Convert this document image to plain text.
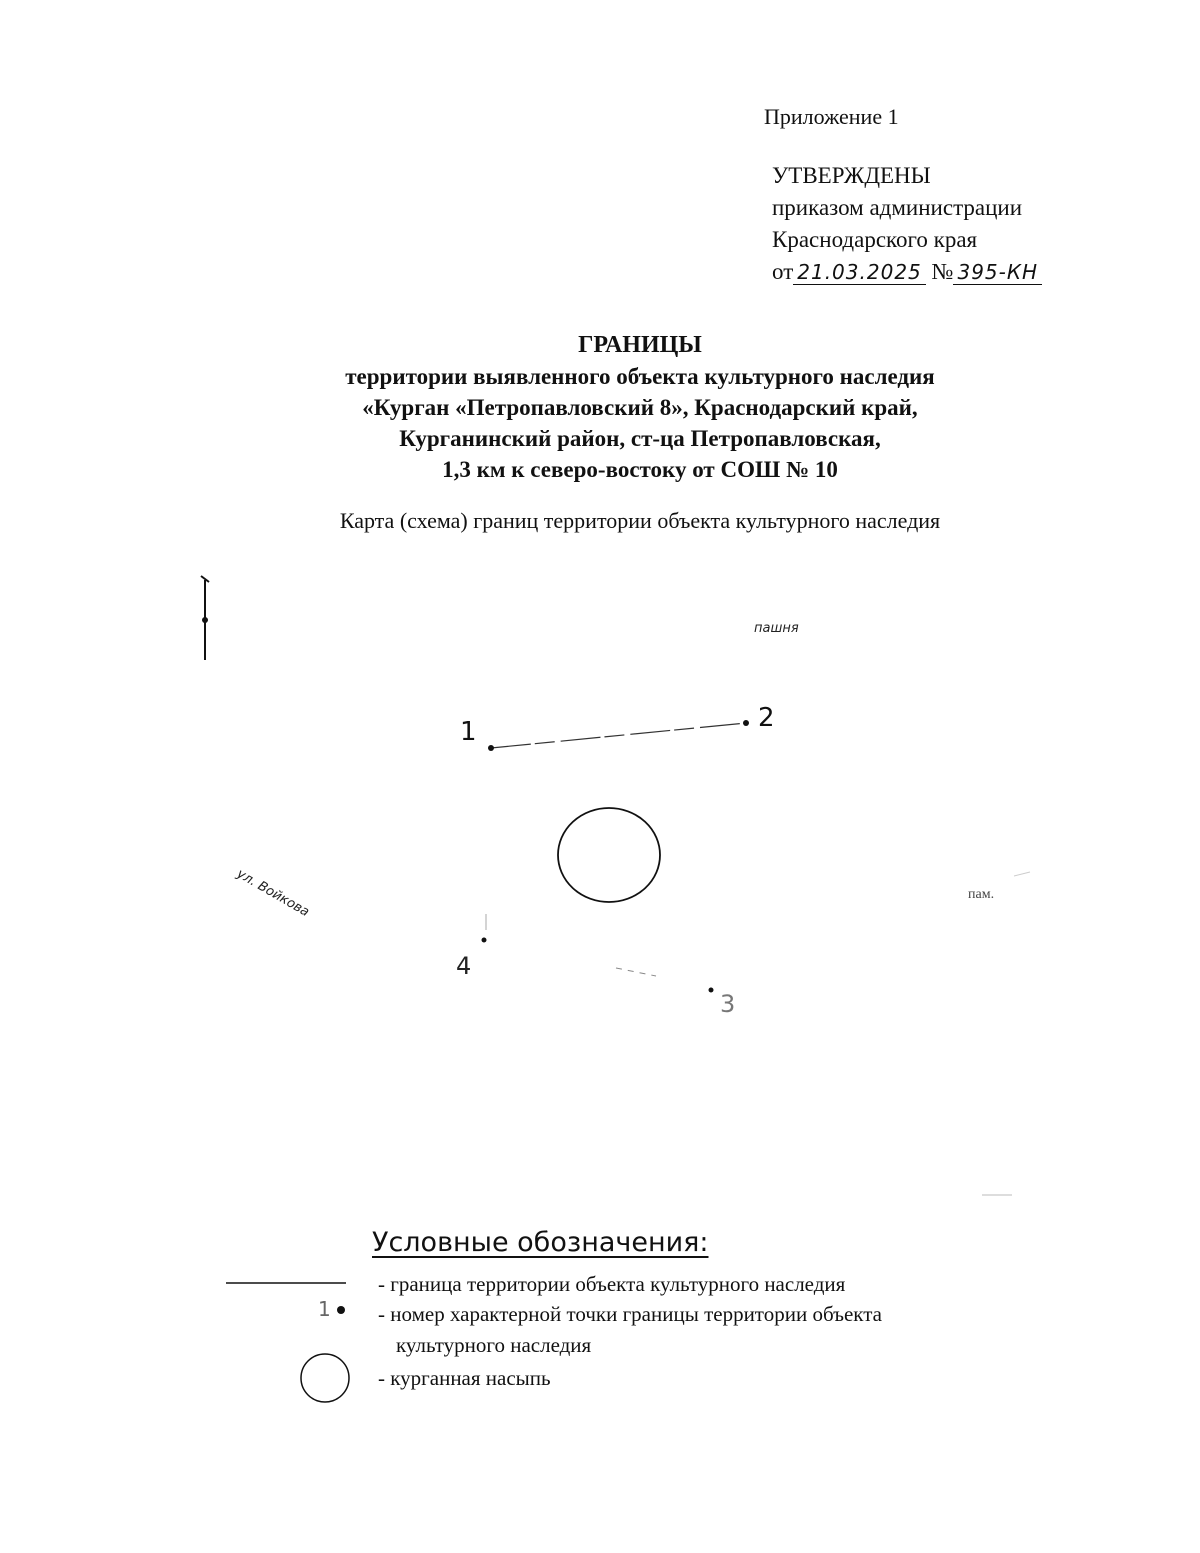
Приложение 1
УТВЕРЖДЕНЫ
приказом администрации
Краснодарского края
от 21.03.2025 № 395-КН
ГРАНИЦЫ
территории выявленного объекта культурного наследия
«Курган «Петропавловский 8», Краснодарский край,
Курганинский район, ст-ца Петропавловская,
1,3 км к северо-востоку от СОШ № 10
Карта (схема) границ территории объекта культурного наследия
пашня
ул. Войкова	пам.
1	2
3
4
Условные обозначения:
1
- граница территории объекта культурного наследия
- номер характерной точки границы территории объекта
культурного наследия
- курганная насыпь
